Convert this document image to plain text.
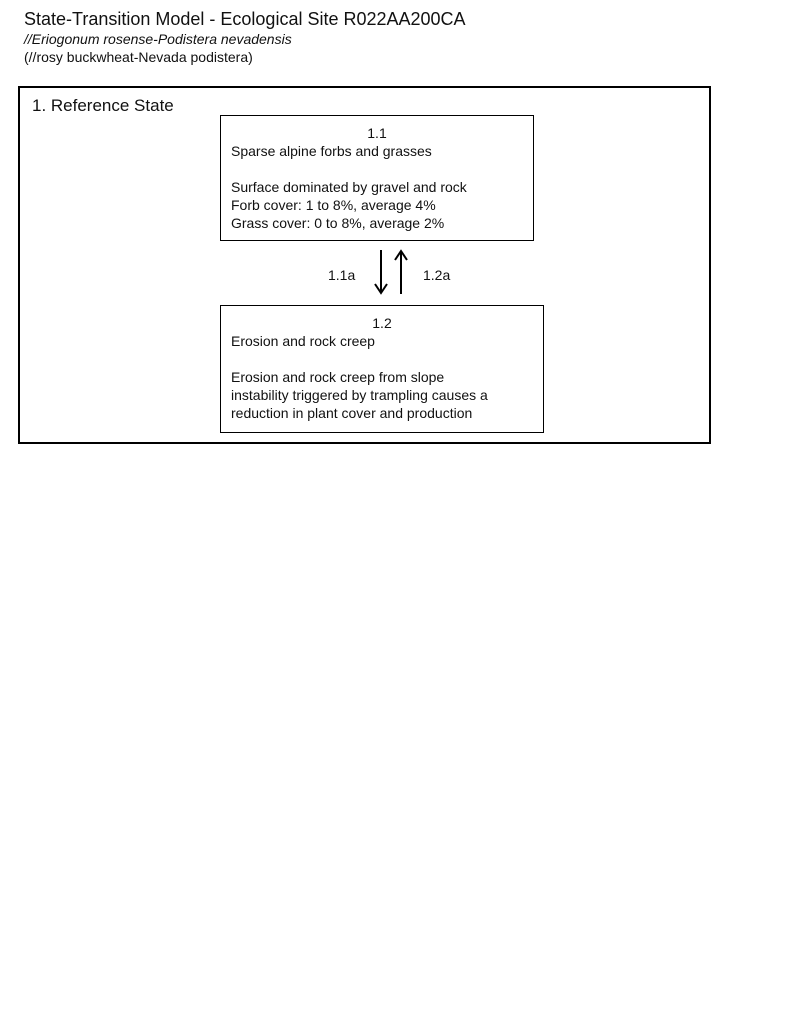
State-Transition Model - Ecological Site R022AA200CA
//Eriogonum rosense-Podistera nevadensis
(//rosy buckwheat-Nevada podistera)
1. Reference State
1.1
Sparse alpine forbs and grasses
Surface dominated by gravel and rock
Forb cover: 1 to 8%, average 4%
Grass cover: 0 to 8%, average 2%
1.1a	1.2a
1.2
Erosion and rock creep
Erosion and rock creep from slope
instability triggered by trampling causes a
reduction in plant cover and production
